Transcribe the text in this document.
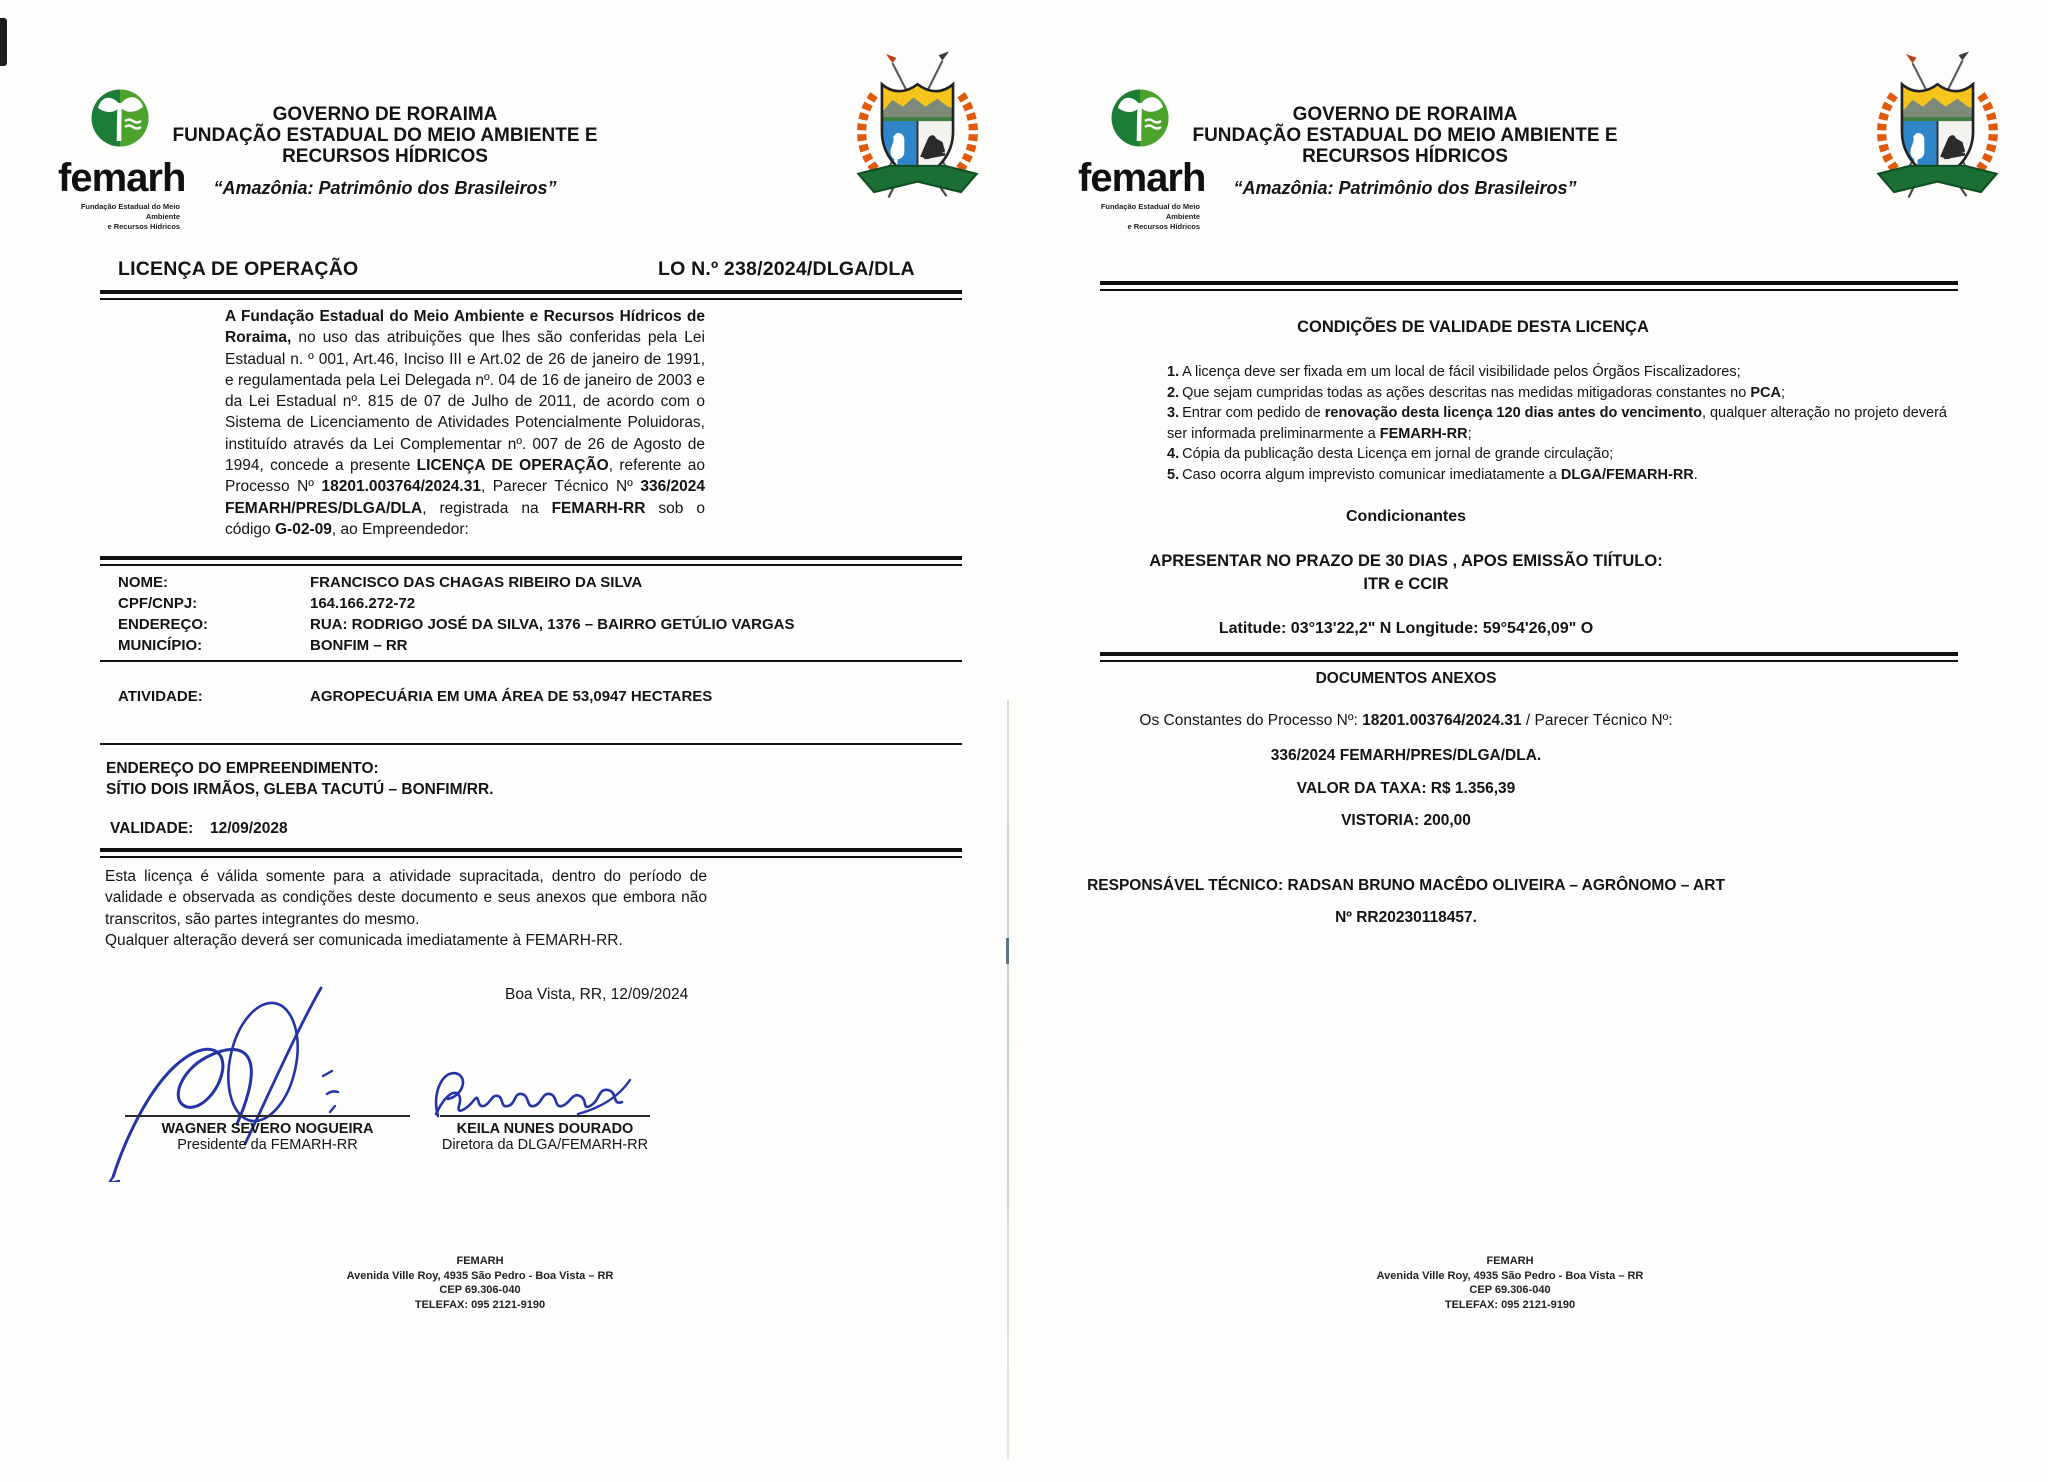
femarh
Fundação Estadual do Meio Ambiente
e Recursos Hídricos
GOVERNO DE RORAIMA
FUNDAÇÃO ESTADUAL DO MEIO AMBIENTE E
RECURSOS HÍDRICOS
“Amazônia: Patrimônio dos Brasileiros”
LICENÇA DE OPERAÇÃO	LO N.º 238/2024/DLGA/DLA
A Fundação Estadual do Meio Ambiente e Recursos Hídricos de Roraima, no uso das atribuições que lhes são conferidas pela Lei Estadual n. º 001, Art.46, Inciso III e Art.02 de 26 de janeiro de 1991, e regulamentada pela Lei Delegada nº. 04 de 16 de janeiro de 2003 e da Lei Estadual nº. 815 de 07 de Julho de 2011, de acordo com o Sistema de Licenciamento de Atividades Potencialmente Poluidoras, instituído através da Lei Complementar nº. 007 de 26 de Agosto de 1994, concede a presente LICENÇA DE OPERAÇÃO, referente ao Processo Nº 18201.003764/2024.31, Parecer Técnico Nº 336/2024 FEMARH/PRES/DLGA/DLA, registrada na FEMARH-RR sob o código G-02-09, ao Empreendedor:
NOME:	FRANCISCO DAS CHAGAS RIBEIRO DA SILVA
CPF/CNPJ:	164.166.272-72
ENDEREÇO:	RUA: RODRIGO JOSÉ DA SILVA, 1376 – BAIRRO GETÚLIO VARGAS
MUNICÍPIO:	BONFIM – RR
ATIVIDADE:	AGROPECUÁRIA EM UMA ÁREA DE 53,0947 HECTARES
ENDEREÇO DO EMPREENDIMENTO:
SÍTIO DOIS IRMÃOS, GLEBA TACUTÚ – BONFIM/RR.
VALIDADE: 12/09/2028

Esta licença é válida somente para a atividade supracitada, dentro do período de validade e observada as condições deste documento e seus anexos que embora não transcritos, são partes integrantes do mesmo.

Qualquer alteração deverá ser comunicada imediatamente à FEMARH-RR.

Boa Vista, RR, 12/09/2024
WAGNER SEVERO NOGUEIRA
Presidente da FEMARH-RR
KEILA NUNES DOURADO
Diretora da DLGA/FEMARH-RR
FEMARH
Avenida Ville Roy, 4935 São Pedro - Boa Vista – RR
CEP 69.306-040
TELEFAX: 095 2121-9190
femarh
Fundação Estadual do Meio Ambiente
e Recursos Hídricos
GOVERNO DE RORAIMA
FUNDAÇÃO ESTADUAL DO MEIO AMBIENTE E
RECURSOS HÍDRICOS
“Amazônia: Patrimônio dos Brasileiros”
CONDIÇÕES DE VALIDADE DESTA LICENÇA

1. A licença deve ser fixada em um local de fácil visibilidade pelos Órgãos Fiscalizadores;

2. Que sejam cumpridas todas as ações descritas nas medidas mitigadoras constantes no PCA;

3. Entrar com pedido de renovação desta licença 120 dias antes do vencimento, qualquer alteração no projeto deverá ser informada preliminarmente a FEMARH-RR;

4. Cópia da publicação desta Licença em jornal de grande circulação;

5. Caso ocorra algum imprevisto comunicar imediatamente a DLGA/FEMARH-RR.

Condicionantes
APRESENTAR NO PRAZO DE 30 DIAS , APOS EMISSÃO TIÍTULO:
ITR e CCIR
Latitude: 03°13'22,2" N Longitude: 59°54'26,09" O
DOCUMENTOS ANEXOS
Os Constantes do Processo Nº: 18201.003764/2024.31 / Parecer Técnico Nº:
336/2024 FEMARH/PRES/DLGA/DLA.
VALOR DA TAXA: R$ 1.356,39
VISTORIA: 200,00
RESPONSÁVEL TÉCNICO: RADSAN BRUNO MACÊDO OLIVEIRA – AGRÔNOMO – ART
Nº RR20230118457.
FEMARH
Avenida Ville Roy, 4935 São Pedro - Boa Vista – RR
CEP 69.306-040
TELEFAX: 095 2121-9190
